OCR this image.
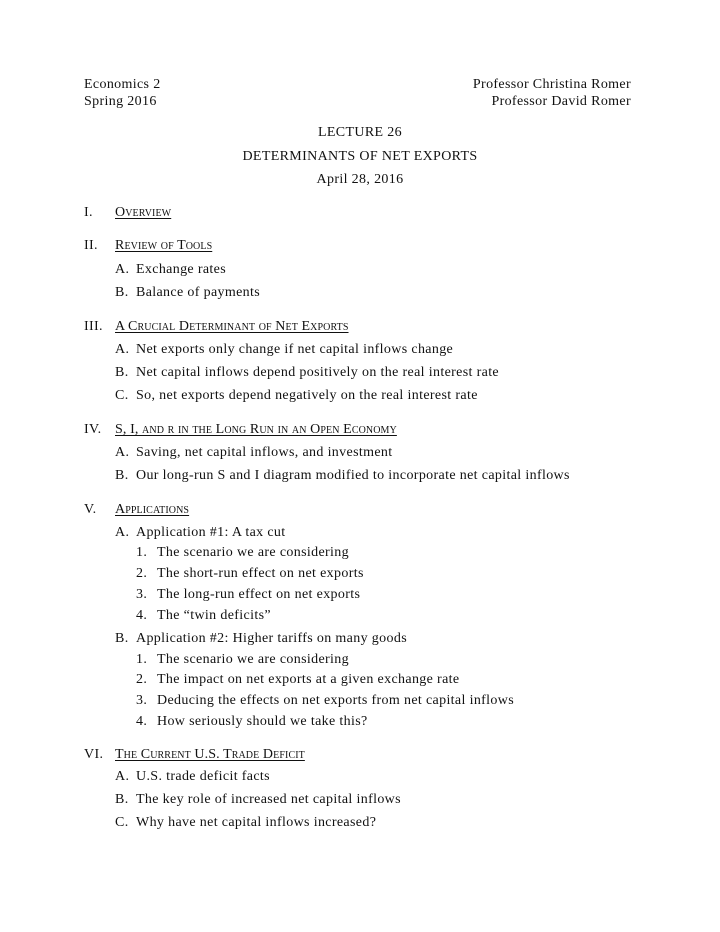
Economics 2
Spring 2016
Professor Christina Romer
Professor David Romer
LECTURE 26
DETERMINANTS OF NET EXPORTS
April 28, 2016
I. Overview
II. Review of Tools
A. Exchange rates
B. Balance of payments
III. A Crucial Determinant of Net Exports
A. Net exports only change if net capital inflows change
B. Net capital inflows depend positively on the real interest rate
C. So, net exports depend negatively on the real interest rate
IV. S, I, and r in the Long Run in an Open Economy
A. Saving, net capital inflows, and investment
B. Our long-run S and I diagram modified to incorporate net capital inflows
V. Applications
A. Application #1: A tax cut
1. The scenario we are considering
2. The short-run effect on net exports
3. The long-run effect on net exports
4. The “twin deficits”
B. Application #2: Higher tariffs on many goods
1. The scenario we are considering
2. The impact on net exports at a given exchange rate
3. Deducing the effects on net exports from net capital inflows
4. How seriously should we take this?
VI. The Current U.S. Trade Deficit
A. U.S. trade deficit facts
B. The key role of increased net capital inflows
C. Why have net capital inflows increased?
